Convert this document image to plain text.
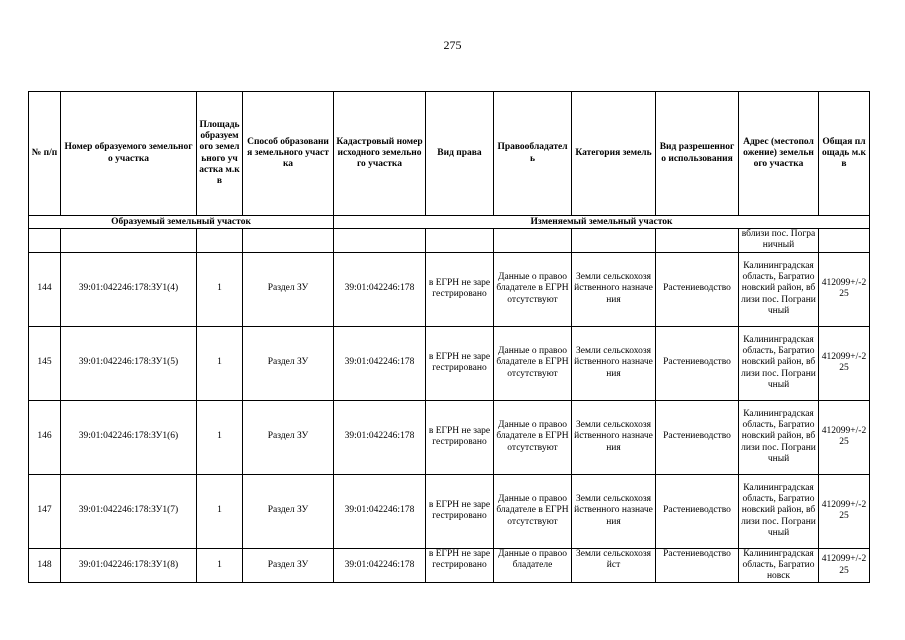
275
№ п/п	Номер образуемого земельного участка	Площадь образуемого земельного участка м.кв	Способ образования земельного участка	Кадастровый номер исходного земельного участка	Вид права	Правообладатель	Категория земель	Вид разрешенного использования	Адрес (местоположение) земельного участка	Общая площадь м.кв
Образуемый земельный участок				Изменяемый земельный участок						
									вблизи пос. Пограничный	
144	39:01:042246:178:ЗУ1(4)	1	Раздел ЗУ	39:01:042246:178	в ЕГРН не зарегестрировано	Данные о правообладателе в ЕГРН отсутствуют	Земли сельскохозяйственного назначения	Растениеводство	Калининградская область, Багратионовский район, вблизи пос. Пограничный	412099+/-225
145	39:01:042246:178:ЗУ1(5)	1	Раздел ЗУ	39:01:042246:178	в ЕГРН не зарегестрировано	Данные о правообладателе в ЕГРН отсутствуют	Земли сельскохозяйственного назначения	Растениеводство	Калининградская область, Багратионовский район, вблизи пос. Пограничный	412099+/-225
146	39:01:042246:178:ЗУ1(6)	1	Раздел ЗУ	39:01:042246:178	в ЕГРН не зарегестрировано	Данные о правообладателе в ЕГРН отсутствуют	Земли сельскохозяйственного назначения	Растениеводство	Калининградская область, Багратионовский район, вблизи пос. Пограничный	412099+/-225
147	39:01:042246:178:ЗУ1(7)	1	Раздел ЗУ	39:01:042246:178	в ЕГРН не зарегестрировано	Данные о правообладателе в ЕГРН отсутствуют	Земли сельскохозяйственного назначения	Растениеводство	Калининградская область, Багратионовский район, вблизи пос. Пограничный	412099+/-225
148	39:01:042246:178:ЗУ1(8)	1	Раздел ЗУ	39:01:042246:178	в ЕГРН не зарегестрировано	Данные о правообладателе	Земли сельскохозяйст	Растениеводство	Калининградская область, Багратионовск	412099+/-225
